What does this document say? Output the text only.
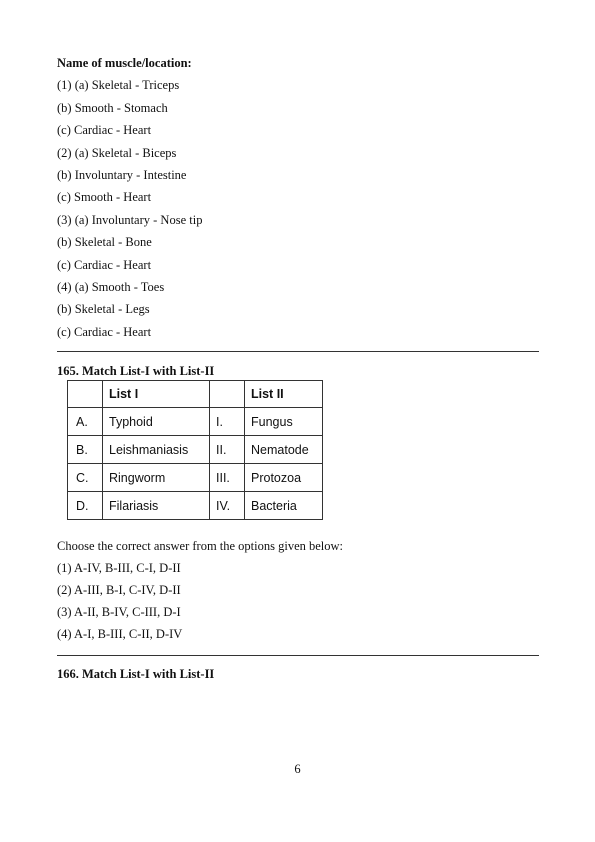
Name of muscle/location:
(1) (a) Skeletal - Triceps
(b) Smooth - Stomach
(c) Cardiac - Heart
(2) (a) Skeletal - Biceps
(b) Involuntary - Intestine
(c) Smooth - Heart
(3) (a) Involuntary - Nose tip
(b) Skeletal - Bone
(c) Cardiac - Heart
(4) (a) Smooth - Toes
(b) Skeletal - Legs
(c) Cardiac - Heart
165. Match List-I with List-II
	List I		List II
A.	Typhoid	I.	Fungus
B.	Leishmaniasis	II.	Nematode
C.	Ringworm	III.	Protozoa
D.	Filariasis	IV.	Bacteria
Choose the correct answer from the options given below:
(1) A-IV, B-III, C-I, D-II
(2) A-III, B-I, C-IV, D-II
(3) A-II, B-IV, C-III, D-I
(4) A-I, B-III, C-II, D-IV
166. Match List-I with List-II
6
